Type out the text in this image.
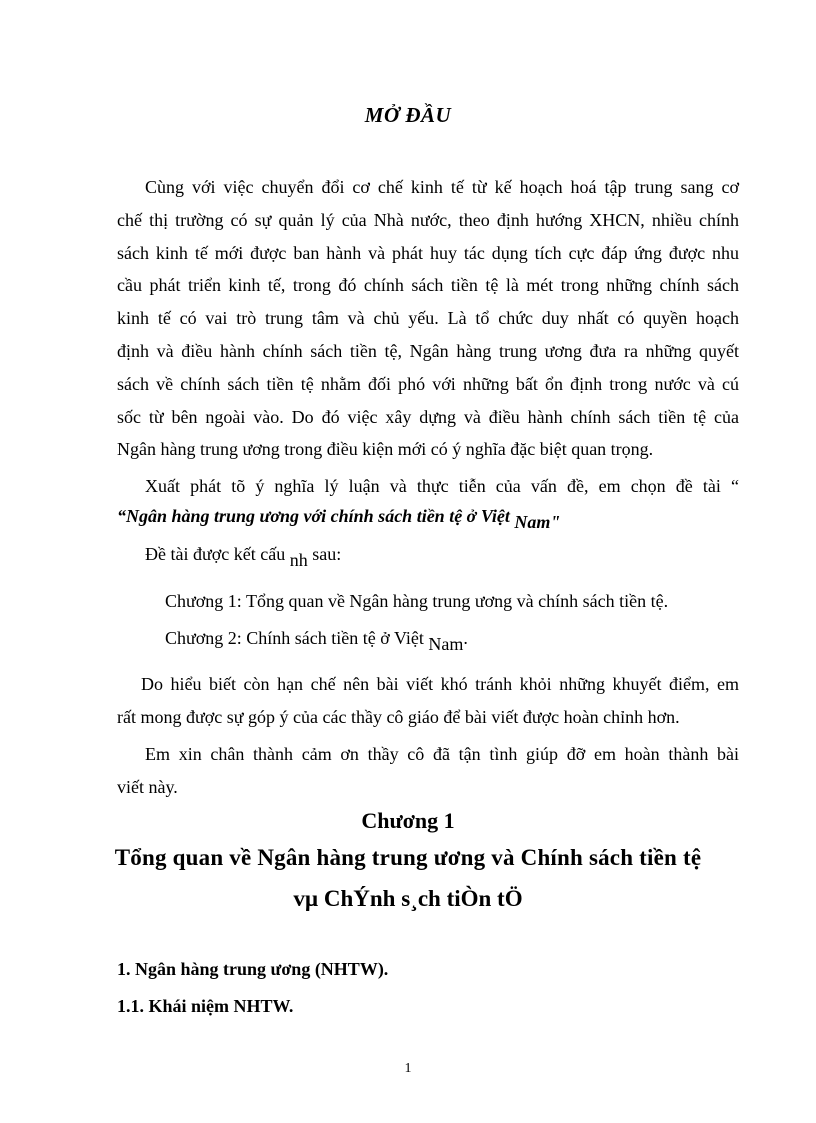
MỞ ĐẦU
Cùng với việc chuyển đổi cơ chế kinh tế từ kế hoạch hoá tập trung sang cơ
chế thị trường có sự quản lý của Nhà nước, theo định hướng XHCN, nhiều chính
sách kinh tế mới được ban hành và phát huy tác dụng tích cực đáp ứng được nhu
cầu phát triển kinh tế, trong đó chính sách tiền tệ là mét trong những chính sách
kinh tế có vai trò trung tâm và chủ yếu. Là tổ chức duy nhất có quyền hoạch
định và điều hành chính sách tiền tệ, Ngân hàng trung ương đưa ra những quyết
sách về chính sách tiền tệ nhằm đối phó với những bất ổn định trong nước và cú
sốc từ bên ngoài vào. Do đó việc xây dựng và điều hành chính sách tiền tệ của
Ngân hàng trung ương trong điều kiện mới có ý nghĩa đặc biệt quan trọng.
Xuất phát tõ ý nghĩa lý luận và thực tiễn của vấn đề, em chọn đề tài “
“Ngân hàng trung ương với chính sách tiền tệ ở Việt Nam"
Đề tài được kết cấu nh sau:
Chương 1: Tổng quan về Ngân hàng trung ương và chính sách tiền tệ.
Chương 2: Chính sách tiền tệ ở Việt Nam.
Do hiểu biết còn hạn chế nên bài viết khó tránh khỏi những khuyết điểm, em
rất mong được sự góp ý của các thầy cô giáo để bài viết được hoàn chỉnh hơn.
Em xin chân thành cảm ơn thầy cô đã tận tình giúp đỡ em hoàn thành bài
viết này.
Chương 1
Tổng quan về Ngân hàng trung ương và Chính sách tiền tệ
vµ ChÝnh s¸ch tiÒn tÖ
1. Ngân hàng trung ương (NHTW).
1.1. Khái niệm NHTW.
1
